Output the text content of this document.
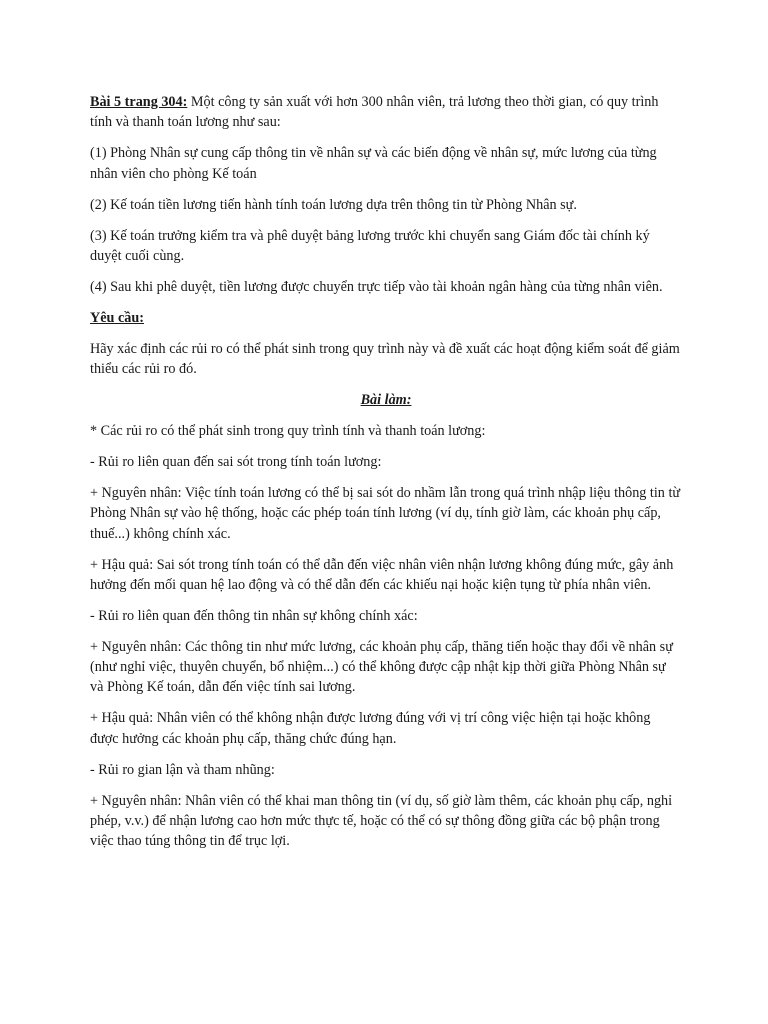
Bài 5 trang 304: Một công ty sản xuất với hơn 300 nhân viên, trả lương theo thời gian, có quy trình tính và thanh toán lương như sau:

(1) Phòng Nhân sự cung cấp thông tin về nhân sự và các biến động về nhân sự, mức lương của từng nhân viên cho phòng Kế toán

(2) Kế toán tiền lương tiến hành tính toán lương dựa trên thông tin từ Phòng Nhân sự.

(3) Kế toán trưởng kiểm tra và phê duyệt bảng lương trước khi chuyển sang Giám đốc tài chính ký duyệt cuối cùng.

(4) Sau khi phê duyệt, tiền lương được chuyển trực tiếp vào tài khoản ngân hàng của từng nhân viên.

Yêu cầu:

Hãy xác định các rủi ro có thể phát sinh trong quy trình này và đề xuất các hoạt động kiểm soát để giảm thiểu các rủi ro đó.

Bài làm:

* Các rủi ro có thể phát sinh trong quy trình tính và thanh toán lương:

- Rủi ro liên quan đến sai sót trong tính toán lương:

+ Nguyên nhân: Việc tính toán lương có thể bị sai sót do nhầm lẫn trong quá trình nhập liệu thông tin từ Phòng Nhân sự vào hệ thống, hoặc các phép toán tính lương (ví dụ, tính giờ làm, các khoản phụ cấp, thuế...) không chính xác.

+ Hậu quả: Sai sót trong tính toán có thể dẫn đến việc nhân viên nhận lương không đúng mức, gây ảnh hưởng đến mối quan hệ lao động và có thể dẫn đến các khiếu nại hoặc kiện tụng từ phía nhân viên.

- Rủi ro liên quan đến thông tin nhân sự không chính xác:

+ Nguyên nhân: Các thông tin như mức lương, các khoản phụ cấp, thăng tiến hoặc thay đổi về nhân sự (như nghỉ việc, thuyên chuyển, bổ nhiệm...) có thể không được cập nhật kịp thời giữa Phòng Nhân sự và Phòng Kế toán, dẫn đến việc tính sai lương.

+ Hậu quả: Nhân viên có thể không nhận được lương đúng với vị trí công việc hiện tại hoặc không được hưởng các khoản phụ cấp, thăng chức đúng hạn.

- Rủi ro gian lận và tham nhũng:

+ Nguyên nhân: Nhân viên có thể khai man thông tin (ví dụ, số giờ làm thêm, các khoản phụ cấp, nghỉ phép, v.v.) để nhận lương cao hơn mức thực tế, hoặc có thể có sự thông đồng giữa các bộ phận trong việc thao túng thông tin để trục lợi.
